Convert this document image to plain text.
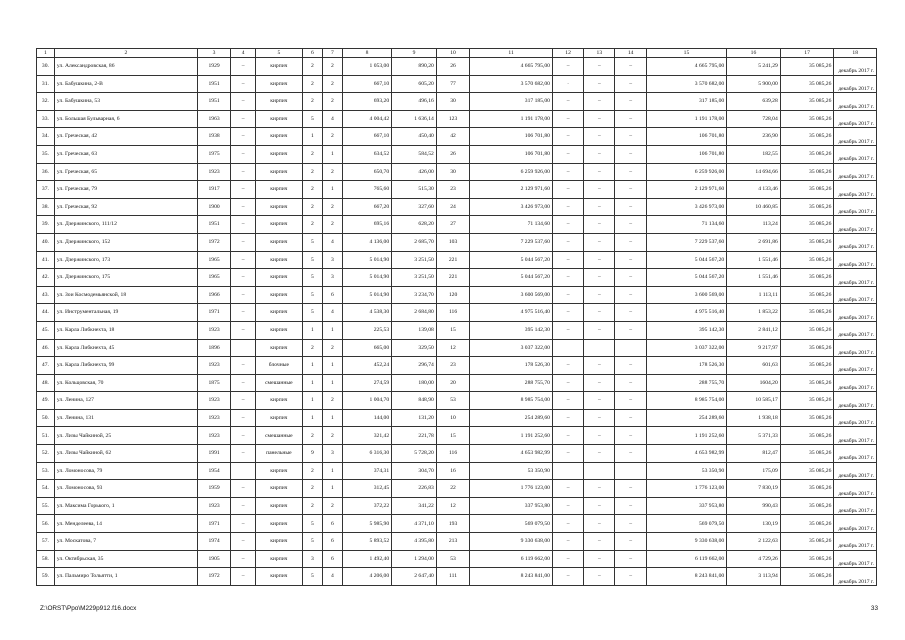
1	2	3	4	5	6	7	8	9	10	11	12	13	14	15	16	17	18
30.	ул. Александровская, 86	1929	–	кирпич	2	2	1 053,00	890,20	26	4 665 795,00	–	–	–	4 665 795,00	5 241,29	35 085,26	декабрь 2017 г.
31.	ул. Бабушкина, 2-В	1951	–	кирпич	2	2	667,10	605,20	77	3 570 682,00	·	–	–	3 570 682,00	5 900,00	35 085,26	декабрь 2017 г.
32.	ул. Бабушкина, 53	1951	–	кирпич	2	2	693,20	496,16	30	317 185,00	–	–	–	317 185,00	639,28	35 085,26	декабрь 2017 г.
33.	ул. Большая Бульварная, 6	1963	–	кирпич	5	4	4 004,42	1 636,14	123	1 191 178,00	–	–	–	1 191 178,00	728,04	35 085,26	декабрь 2017 г.
34.	ул. Греческая, 42	1938	–	кирпич	1	2	667,10	450,40	42	106 701,80	–	–	–	106 701,80	236,90	35 085,26	декабрь 2017 г.
35.	ул. Греческая, 63	1975	–	кирпич	2	1	634,52	584,52	26	106 701,80	–	–	–	106 701,80	182,55	35 085,26	декабрь 2017 г.
36.	ул. Греческая, 65	1923	–	кирпич	2	2	650,70	426,00	30	6 259 926,00	–	–	–	6 259 926,00	14 694,66	35 085,26	декабрь 2017 г.
37.	ул. Греческая, 79	1917	–	кирпич	2	1	765,60	515,30	23	2 129 971,60	–	–	–	2 129 971,60	4 133,46	35 085,26	декабрь 2017 г.
38.	ул. Греческая, 92	1900	–	кирпич	2	2	667,20	327,60	24	3 426 973,00	–	–	–	3 426 973,00	10 460,85	35 085,26	декабрь 2017 г.
39.	ул. Дзержинского, 111/12	1951	–	кирпич	2	2	695,16	628,20	27	71 134,60	–	–	–	71 134,60	113,24	35 085,26	декабрь 2017 г.
40.	ул. Дзержинского, 152	1972	–	кирпич	5	4	4 136,00	2 685,70	103	7 229 537,60	–	–	–	7 229 537,60	2 691,86	35 085,26	декабрь 2017 г.
41.	ул. Дзержинского, 173	1965	–	кирпич	5	3	5 014,90	3 251,50	221	5 044 567,20	–	–	–	5 044 567,20	1 551,46	35 085,26	декабрь 2017 г.
42.	ул. Дзержинского, 175	1965	–	кирпич	5	3	5 014,90	3 251,50	221	5 044 567,20	–	–	–	5 044 567,20	1 551,46	35 085,26	декабрь 2017 г.
43.	ул. Зои Космодемьянской, 18	1966	–	кирпич	5	6	5 014,90	3 234,70	120	3 600 569,00	–	–	–	3 600 569,00	1 113,11	35 085,26	декабрь 2017 г.
44.	ул. Инструментальная, 19	1971	–	кирпич	5	4	4 538,30	2 684,80	116	4 975 516,40	–	–	–	4 975 516,40	1 853,22	35 085,26	декабрь 2017 г.
45.	ул. Карла Либкнехта, 18	1923	–	кирпич	1	1	225,53	139,08	15	395 142,30	–	–	–	395 142,30	2 841,12	35 085,26	декабрь 2017 г.
46.	ул. Карла Либкнехта, 45	1896		кирпич	2	2	665,00	329,50	12	3 037 322,00				3 037 322,00	9 217,97	35 085,26	декабрь 2017 г.
47.	ул. Карла Либкнехта, 99	1923	–	блочные	1	1	452,24	296,74	23	178 526,30	–	–	–	178 526,30	601,63	35 085,26	декабрь 2017 г.
48.	ул. Кольцовская, 70	1875	–	смешанные	1	1	274,59	180,00	20	288 755,70	–	–	–	288 755,70	1604,20	35 085,26	декабрь 2017 г.
49.	ул. Ленина, 127	1923	–	кирпич	1	2	1 004,70	848,90	53	8 985 754,00	–	–	–	8 985 754,00	10 585,17	35 085,26	декабрь 2017 г.
50.	ул. Ленина, 131	1923	–	кирпич	1	1	144,00	131,20	10	254 289,60	–	–	–	254 289,60	1 938,18	35 085,26	декабрь 2017 г.
51.	ул. Лизы Чайкиной, 25	1923	–	смешанные	2	2	321,42	221,78	15	1 191 252,60	–	–	–	1 191 252,60	5 371,33	35 085,26	декабрь 2017 г.
52.	ул. Лизы Чайкиной, 62	1991	–	панельные	9	3	6 316,30	5 728,20	116	4 653 982,99	–	–	–	4 653 982,99	812,47	35 085,26	декабрь 2017 г.
53.	ул. Ломоносова, 79	1954		кирпич	2	1	374,31	304,70	16	53 350,90				53 350,90	175,09	35 085,26	декабрь 2017 г.
54.	ул. Ломоносова, 93	1959	–	кирпич	2	1	312,45	226,83	22	1 776 123,00	–	–	–	1 776 123,00	7 830,19	35 085,26	декабрь 2017 г.
55.	ул. Максима Горького, 1	1923	–	кирпич	2	2	372,22	341,22	12	337 953,80	–	–	–	337 953,80	990,43	35 085,26	декабрь 2017 г.
56.	ул. Менделеева, 14	1971	–	кирпич	5	6	5 985,90	4 371,10	193	569 079,50	–	–	–	569 079,50	130,19	35 085,26	декабрь 2017 г.
57.	ул. Москатова, 7	1974	–	кирпич	5	6	5 893,52	4 395,80	213	9 330 638,00	–	–	–	9 330 638,00	2 122,63	35 085,26	декабрь 2017 г.
58.	ул. Октябрьская, 35	1905	–	кирпич	3	6	1 492,40	1 294,00	53	6 119 662,00	–	–	–	6 119 662,00	4 729,26	35 085,26	декабрь 2017 г.
59.	ул. Пальмиро Тольятти, 1	1972	–	кирпич	5	4	4 206,00	2 647,40	111	8 243 841,00	–	–	–	8 243 841,00	3 113,94	35 085,26	декабрь 2017 г.
Z:\ORST\Ppo\M229p912.f16.docx	33
